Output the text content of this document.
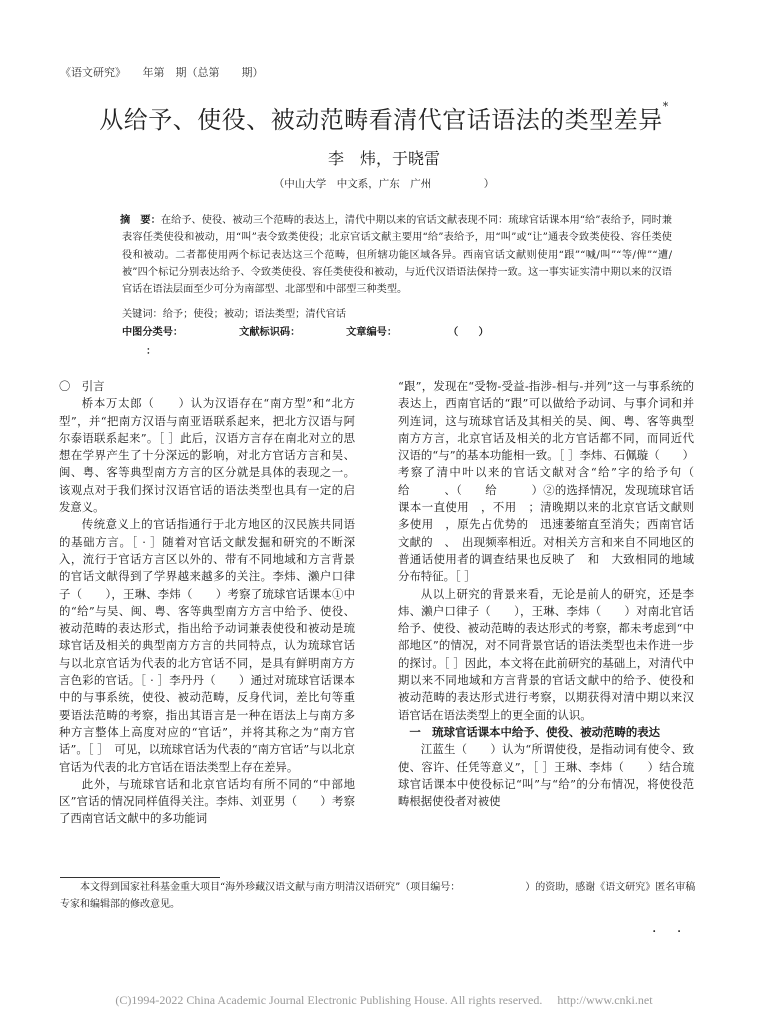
《语文研究》　　年第　期（总第　　期）
从给予、使役、被动范畴看清代官话语法的类型差异*
李　炜，于晓雷
（中山大学　中文系，广东　广州　　　　　）
摘　要：在给予、使役、被动三个范畴的表达上，清代中期以来的官话文献表现不同：琉球官话课本用“给”表给予，同时兼表容任类使役和被动，用“叫”表令致类使役；北京官话文献主要用“给”表给予，用“叫”或“让”通表令致类使役、容任类使役和被动。二者都使用两个标记表达这三个范畴，但所辖功能区域各异。西南官话文献则使用“跟”“喊/叫”“等/俾”“遭/被”四个标记分别表达给予、令致类使役、容任类使役和被动，与近代汉语语法保持一致。这一事实证实清中期以来的汉语官话在语法层面至少可分为南部型、北部型和中部型三种类型。
关键词：给予；使役；被动；语法类型；清代官话
中图分类号：　　　　　　文献标识码：　　　　　文章编号：　　　　　　（　　）
：

〇　引言

桥本万太郎（　　）认为汉语存在“南方型”和“北方型”，并“把南方汉语与南亚语联系起来，把北方汉语与阿尔泰语联系起来”。［ ］此后，汉语方言存在南北对立的思想在学界产生了十分深远的影响，对北方官话方言和吴、闽、粤、客等典型南方方言的区分就是具体的表现之一。该观点对于我们探讨汉语官话的语法类型也具有一定的启发意义。

传统意义上的官话指通行于北方地区的汉民族共同语的基础方言。［ · ］随着对官话文献发掘和研究的不断深入，流行于官话方言区以外的、带有不同地域和方言背景的官话文献得到了学界越来越多的关注。李炜、濑户口律子（　　），王琳、李炜（　　）考察了琉球官话课本①中的“给”与吴、闽、粤、客等典型南方方言中给予、使役、被动范畴的表达形式，指出给予动词兼表使役和被动是琉球官话及相关的典型南方方言的共同特点，认为琉球官话与以北京官话为代表的北方官话不同，是具有鲜明南方方言色彩的官话。［ · ］李丹丹（　　）通过对琉球官话课本中的与事系统，使役、被动范畴，反身代词，差比句等重要语法范畴的考察，指出其语言是一种在语法上与南方多种方言整体上高度对应的“官话”，并将其称之为“南方官话”。［ ］　可见，以琉球官话为代表的“南方官话”与以北京官话为代表的北方官话在语法类型上存在差异。

此外，与琉球官话和北京官话均有所不同的“中部地区”官话的情况同样值得关注。李炜、刘亚男（　　）考察了西南官话文献中的多功能词

“跟”，发现在“受物-受益-指涉-相与-并列”这一与事系统的表达上，西南官话的“跟”可以做给予动词、与事介词和并列连词，这与琉球官话及其相关的吴、闽、粤、客等典型南方方言，北京官话及相关的北方官话都不同，而同近代汉语的“与”的基本功能相一致。［ ］李炜、石佩璇（　　）考察了清中叶以来的官话文献对含“给”字的给予句（　　　　给　　　、（　　给　　　）②的选择情况，发现琉球官话课本一直使用　，不用　；清晚期以来的北京官话文献则多使用　，原先占优势的　迅速萎缩直至消失；西南官话文献的　、　出现频率相近。对相关方言和来自不同地区的普通话使用者的调查结果也反映了　和　大致相同的地域分布特征。［ ］

从以上研究的背景来看，无论是前人的研究，还是李炜、濑户口律子（　　），王琳、李炜（　　）对南北官话给予、使役、被动范畴的表达形式的考察，都未考虑到“中部地区”的情况，对不同背景官话的语法类型也未作进一步的探讨。［ ］因此，本文将在此前研究的基础上，对清代中期以来不同地域和方言背景的官话文献中的给予、使役和被动范畴的表达形式进行考察，以期获得对清中期以来汉语官话在语法类型上的更全面的认识。

一　琉球官话课本中给予、使役、被动范畴的表达

江蓝生（　　）认为“所谓使役，是指动词有使令、致使、容许、任凭等意义”，［ ］王琳、李炜（　　）结合琉球官话课本中使役标记“叫”与“给”的分布情况，将使役范畴根据使役者对被使

本文得到国家社科基金重大项目“海外珍藏汉语文献与南方明清汉语研究”（项目编号：　　　　　　　）的资助，感谢《语文研究》匿名审稿专家和编辑部的修改意见。
· ·
(C)1994-2022 China Academic Journal Electronic Publishing House. All rights reserved.　 http://www.cnki.net
